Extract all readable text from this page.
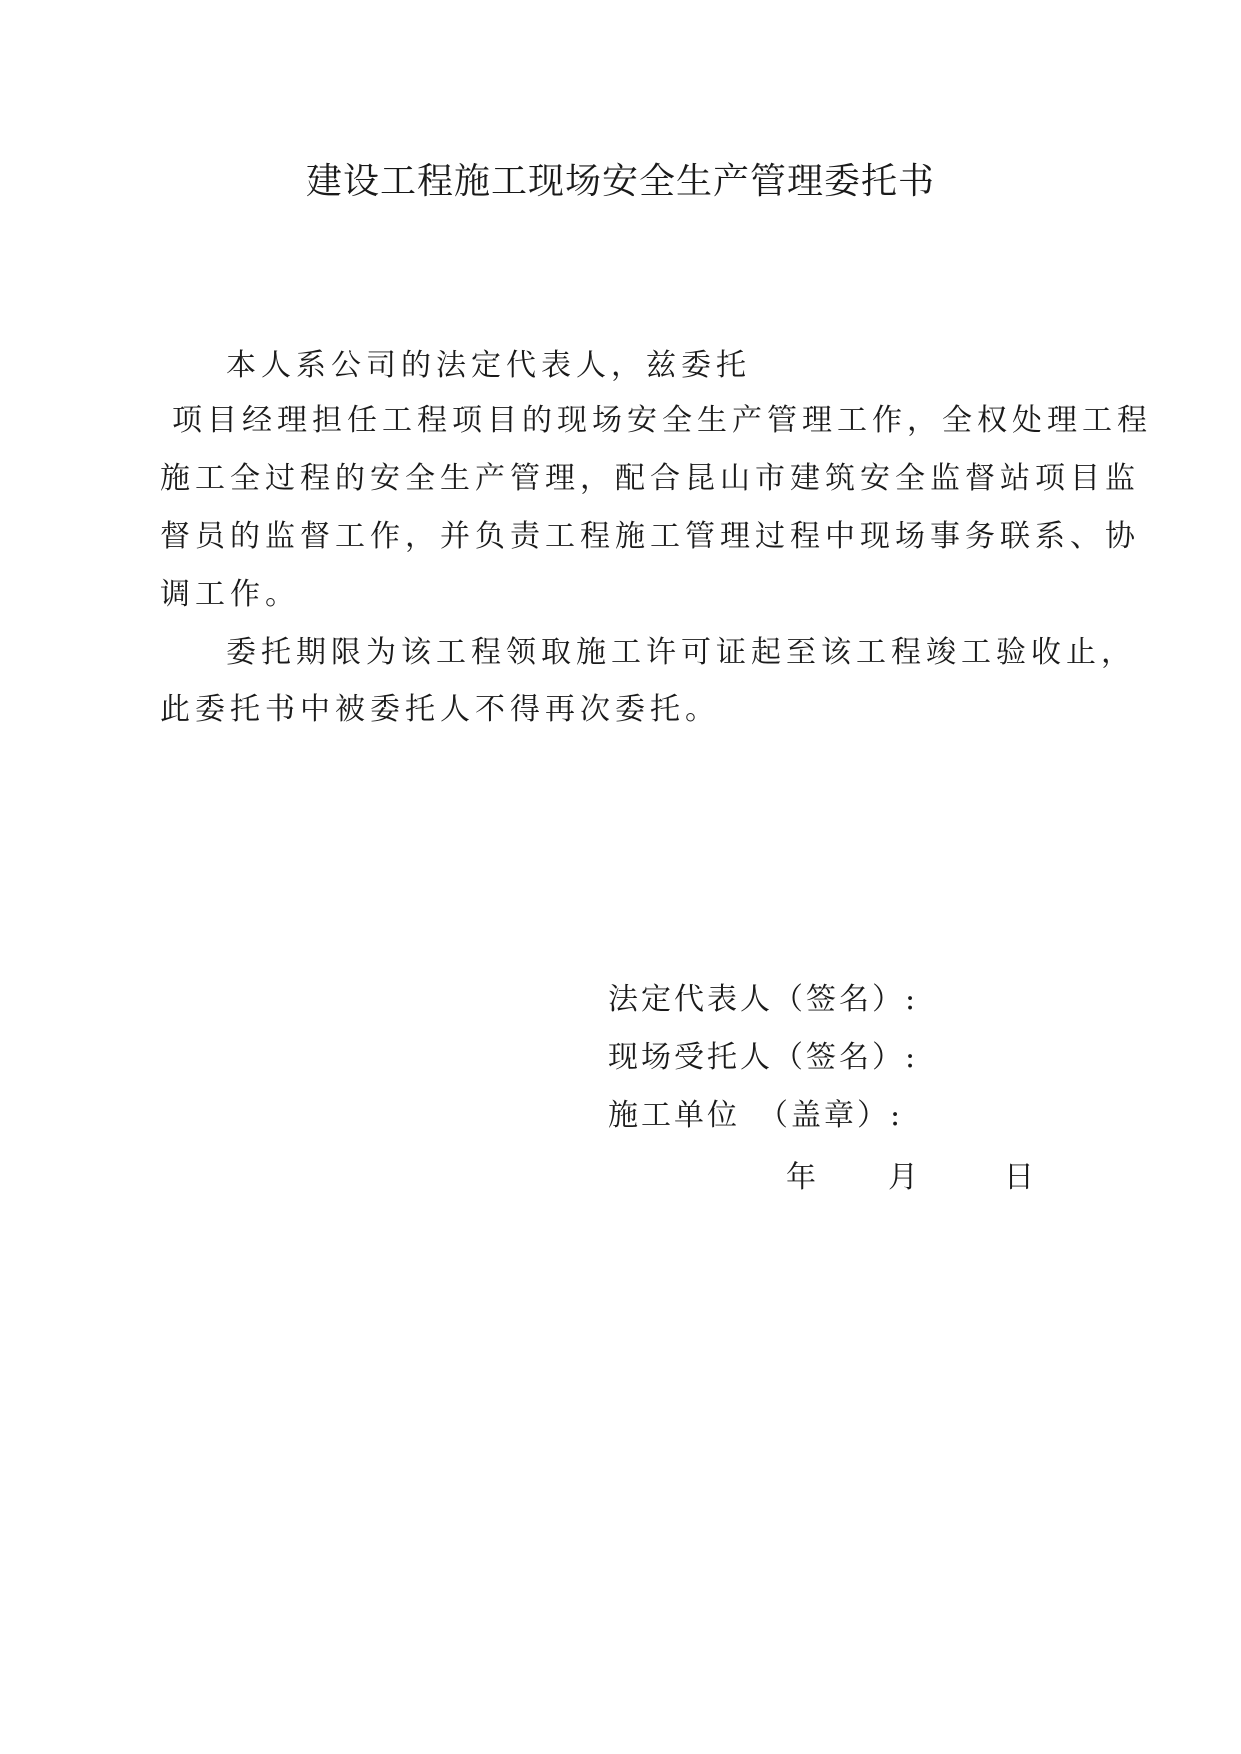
建设工程施工现场安全生产管理委托书
本人系公司的法定代表人，兹委托
项目经理担任工程项目的现场安全生产管理工作，全权处理工程
施工全过程的安全生产管理，配合昆山市建筑安全监督站项目监
督员的监督工作，并负责工程施工管理过程中现场事务联系、协
调工作。
委托期限为该工程领取施工许可证起至该工程竣工验收止，
此委托书中被委托人不得再次委托。
法定代表人（签名）:
现场受托人（签名）:
施工单位　（盖章）:
年 月	日
